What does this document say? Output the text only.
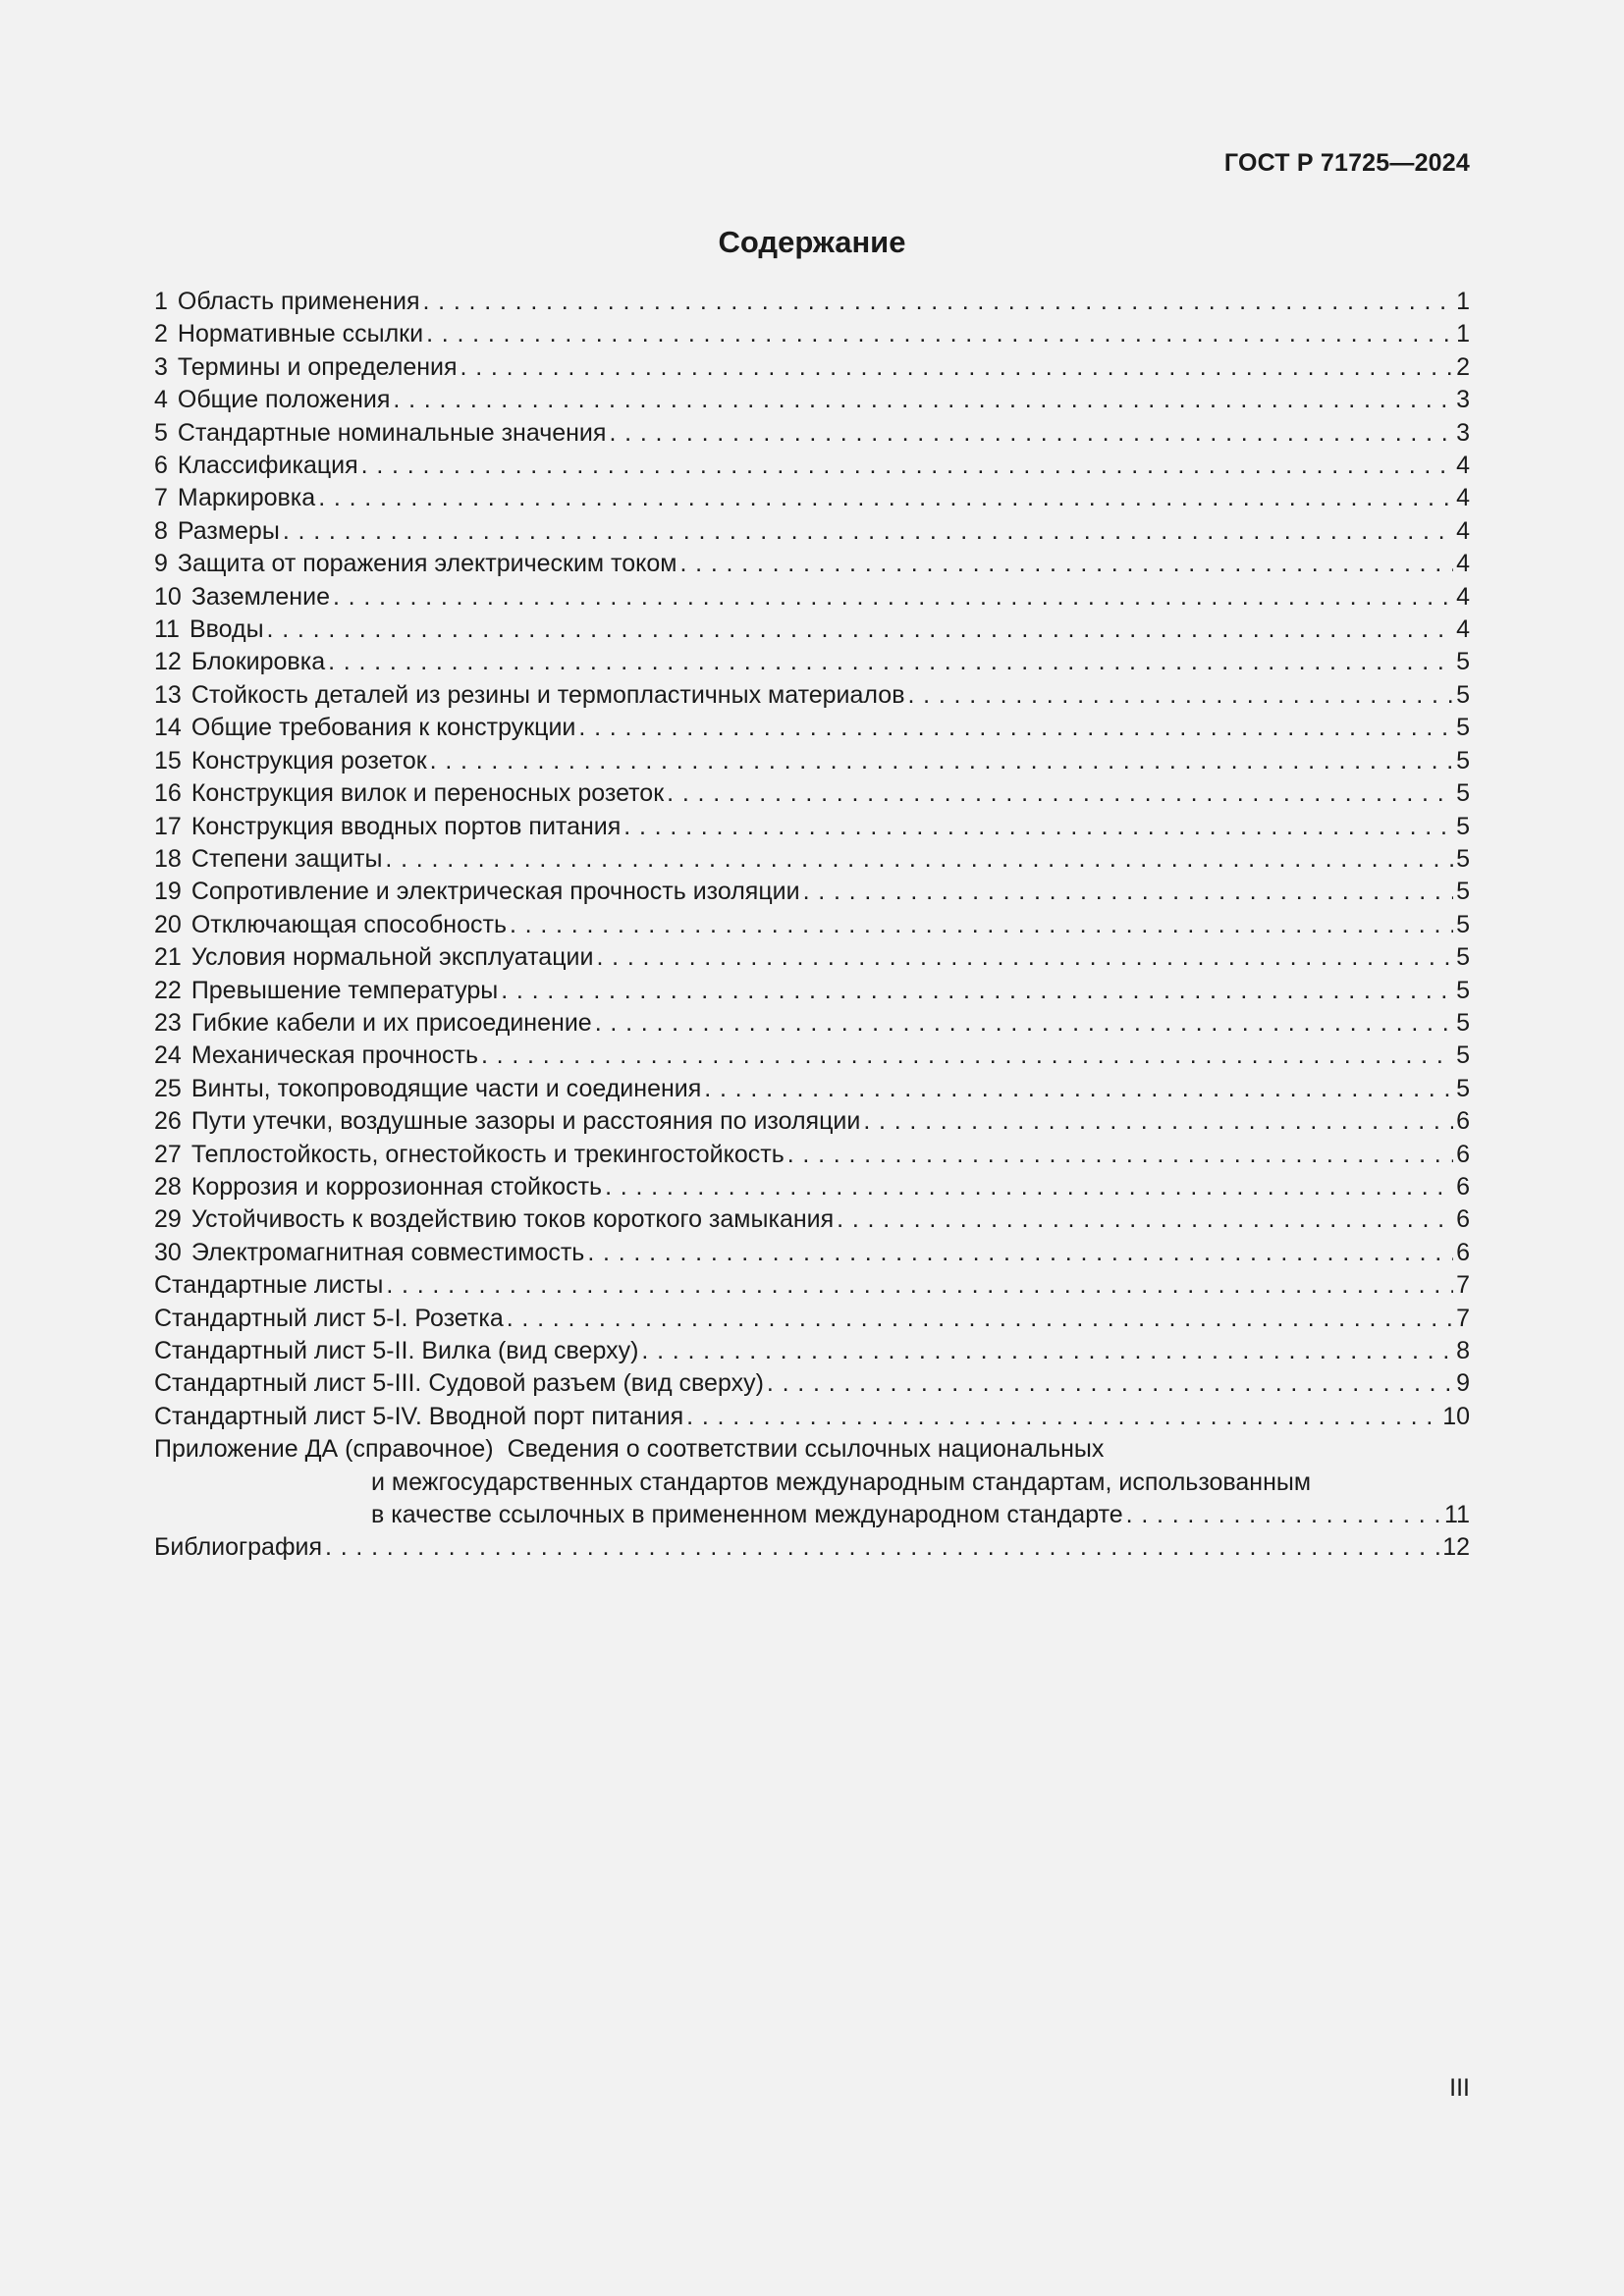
ГОСТ Р 71725—2024
Содержание
1 Область применения . . .	1
2 Нормативные ссылки . . .	1
3 Термины и определения . . .	2
4 Общие положения . . .	3
5 Стандартные номинальные значения . . .	3
6 Классификация . . .	4
7 Маркировка . . .	4
8 Размеры . . .	4
9 Защита от поражения электрическим током . . .	4
10 Заземление . . .	4
11 Вводы . . .	4
12 Блокировка . . .	5
13 Стойкость деталей из резины и термопластичных материалов . . .	5
14 Общие требования к конструкции . . .	5
15 Конструкция розеток . . .	5
16 Конструкция вилок и переносных розеток . . .	5
17 Конструкция вводных портов питания . . .	5
18 Степени защиты . . .	5
19 Сопротивление и электрическая прочность изоляции . . .	5
20 Отключающая способность . . .	5
21 Условия нормальной эксплуатации . . .	5
22 Превышение температуры . . .	5
23 Гибкие кабели и их присоединение . . .	5
24 Механическая прочность . . .	5
25 Винты, токопроводящие части и соединения . . .	5
26 Пути утечки, воздушные зазоры и расстояния по изоляции . . .	6
27 Теплостойкость, огнестойкость и трекингостойкость . . .	6
28 Коррозия и коррозионная стойкость . . .	6
29 Устойчивость к воздействию токов короткого замыкания . . .	6
30 Электромагнитная совместимость . . .	6
Стандартные листы . . .	7
Стандартный лист 5-I. Розетка . . .	7
Стандартный лист 5-II. Вилка (вид сверху) . . .	8
Стандартный лист 5-III. Судовой разъем (вид сверху) . . .	9
Стандартный лист 5-IV. Вводной порт питания . . .	10
Приложение ДА (справочное) Сведения о соответствии ссылочных национальных
и межгосударственных стандартов международным стандартам, использованным
в качестве ссылочных в примененном международном стандарте . . .	11
Библиография . . .	12
III
